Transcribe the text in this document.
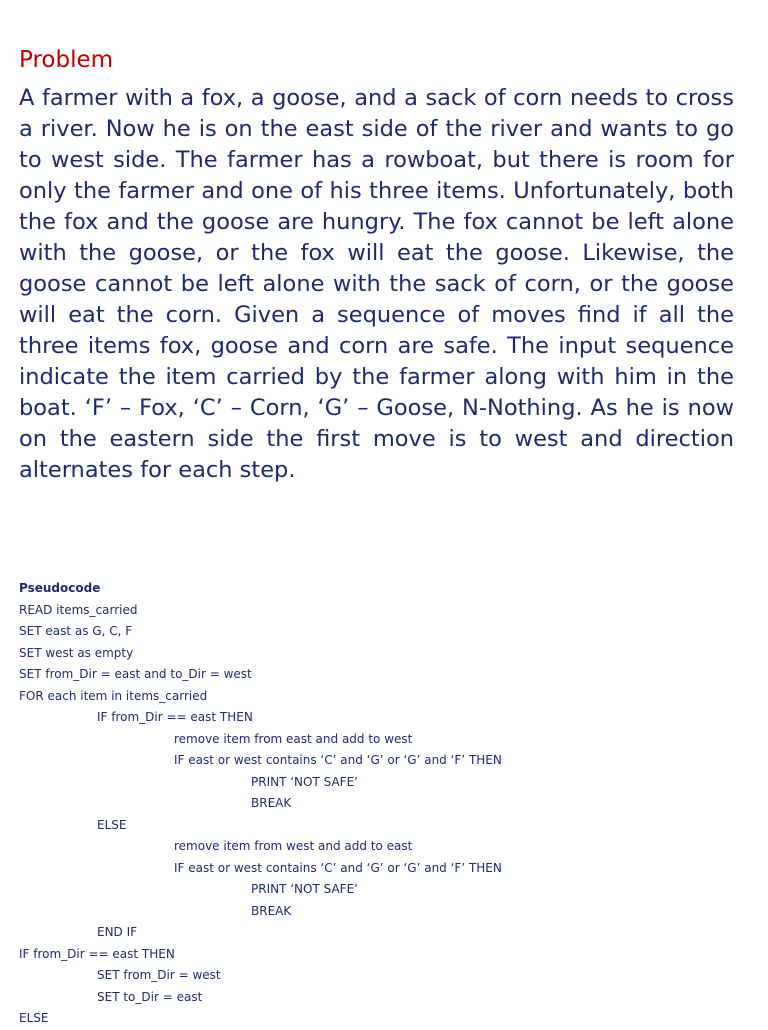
Problem

A farmer with a fox, a goose, and a sack of corn needs to cross a river. Now he is on the east side of the river and wants to go to west side. The farmer has a rowboat, but there is room for only the farmer and one of his three items. Unfortunately, both the fox and the goose are hungry. The fox cannot be left alone with the goose, or the fox will eat the goose. Likewise, the goose cannot be left alone with the sack of corn, or the goose will eat the corn. Given a sequence of moves find if all the three items fox, goose and corn are safe. The input sequence indicate the item carried by the farmer along with him in the boat. ‘F’ – Fox, ‘C’ – Corn, ‘G’ – Goose, N-Nothing. As he is now on the eastern side the first move is to west and direction alternates for each step.

Pseudocode
READ items_carried
SET east as G, C, F
SET west as empty
SET from_Dir = east and to_Dir = west
FOR each item in items_carried
IF from_Dir == east THEN
remove item from east and add to west
IF east or west contains ‘C’ and ‘G’ or ‘G’ and ‘F’ THEN
PRINT ‘NOT SAFE’
BREAK
ELSE
remove item from west and add to east
IF east or west contains ‘C’ and ‘G’ or ‘G’ and ‘F’ THEN
PRINT ‘NOT SAFE’
BREAK
END IF
IF from_Dir == east THEN
SET from_Dir = west
SET to_Dir = east
ELSE
